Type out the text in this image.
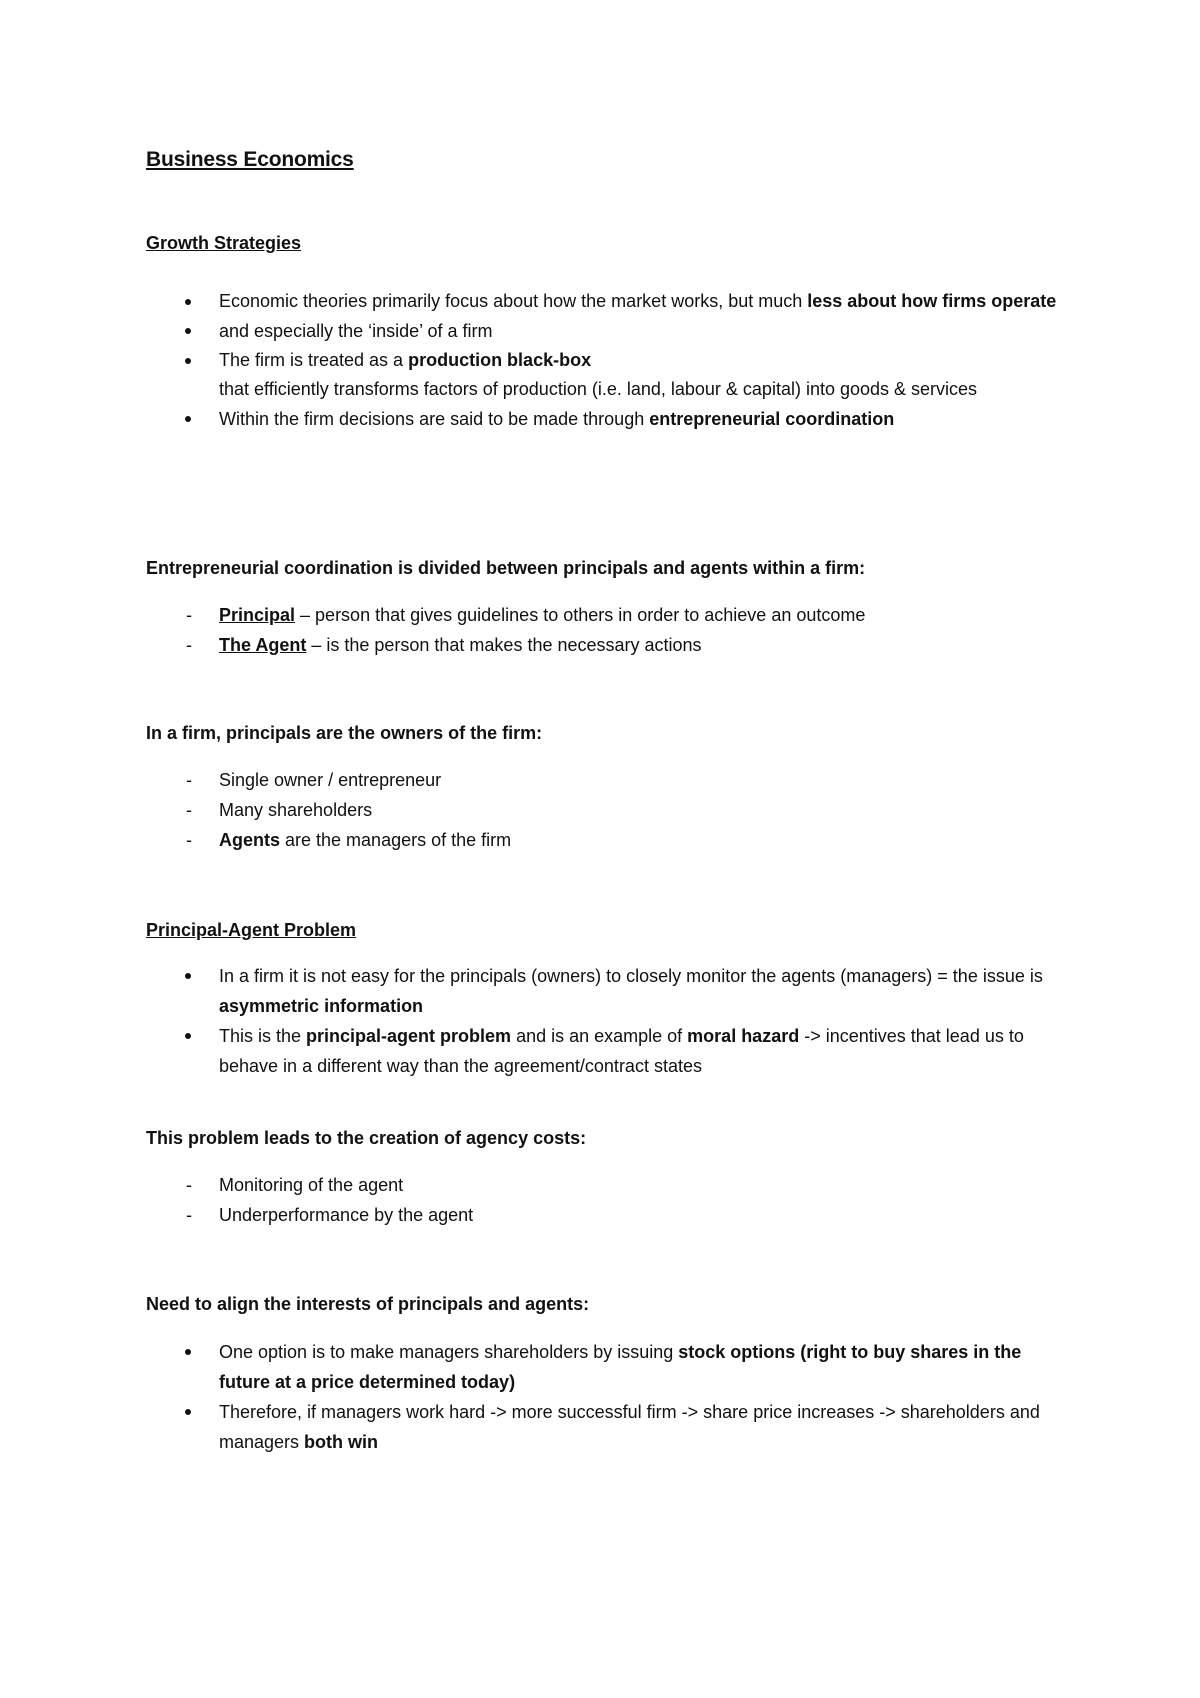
Business Economics
Growth Strategies
Economic theories primarily focus about how the market works, but much less about how firms operate
and especially the ‘inside’ of a firm
The firm is treated as a production black-box
that efficiently transforms factors of production (i.e. land, labour & capital) into goods & services
Within the firm decisions are said to be made through entrepreneurial coordination
Entrepreneurial coordination is divided between principals and agents within a firm:
- Principal – person that gives guidelines to others in order to achieve an outcome
- The Agent – is the person that makes the necessary actions
In a firm, principals are the owners of the firm:
- Single owner / entrepreneur
- Many shareholders
- Agents are the managers of the firm
Principal-Agent Problem
In a firm it is not easy for the principals (owners) to closely monitor the agents (managers) = the issue is asymmetric information
This is the principal-agent problem and is an example of moral hazard -> incentives that lead us to behave in a different way than the agreement/contract states
This problem leads to the creation of agency costs:
- Monitoring of the agent
- Underperformance by the agent
Need to align the interests of principals and agents:
One option is to make managers shareholders by issuing stock options (right to buy shares in the future at a price determined today)
Therefore, if managers work hard -> more successful firm -> share price increases -> shareholders and managers both win
